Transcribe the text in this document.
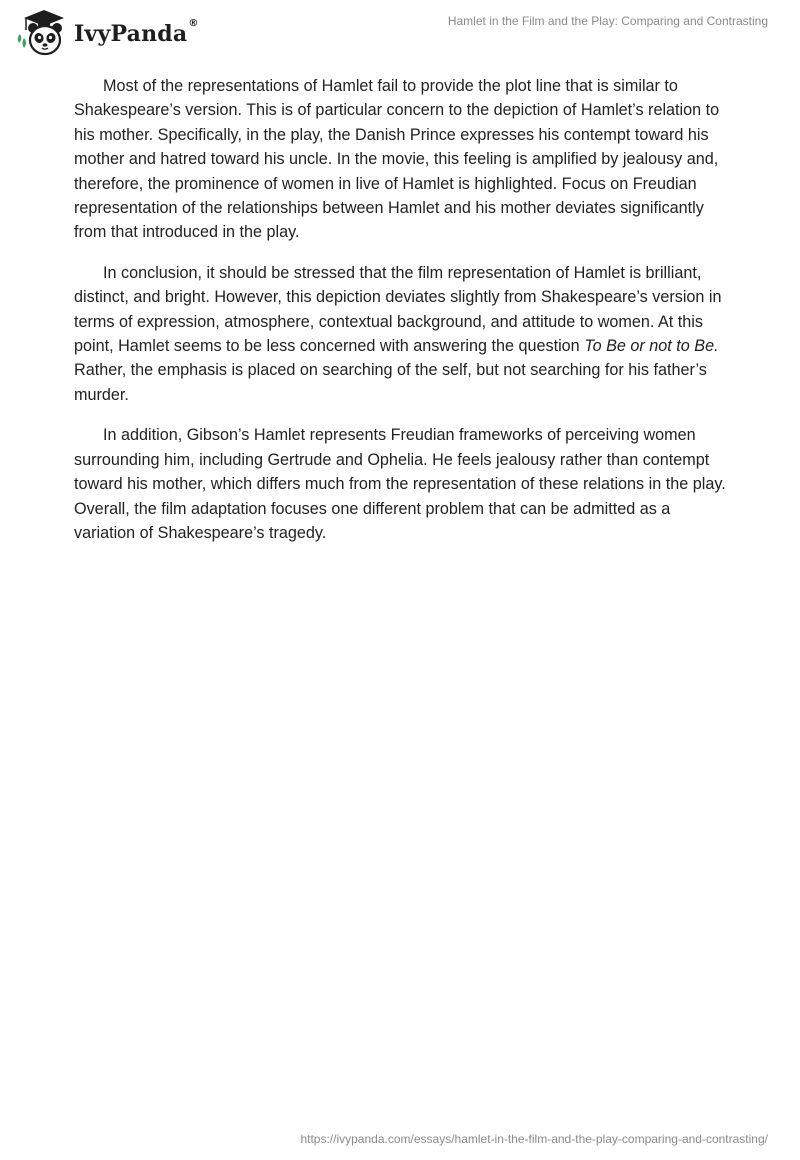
IvyPanda ®	Hamlet in the Film and the Play: Comparing and Contrasting

Most of the representations of Hamlet fail to provide the plot line that is similar to Shakespeare’s version. This is of particular concern to the depiction of Hamlet’s relation to his mother. Specifically, in the play, the Danish Prince expresses his contempt toward his mother and hatred toward his uncle. In the movie, this feeling is amplified by jealousy and, therefore, the prominence of women in live of Hamlet is highlighted. Focus on Freudian representation of the relationships between Hamlet and his mother deviates significantly from that introduced in the play.

In conclusion, it should be stressed that the film representation of Hamlet is brilliant, distinct, and bright. However, this depiction deviates slightly from Shakespeare’s version in terms of expression, atmosphere, contextual background, and attitude to women. At this point, Hamlet seems to be less concerned with answering the question To Be or not to Be. Rather, the emphasis is placed on searching of the self, but not searching for his father’s murder.

In addition, Gibson’s Hamlet represents Freudian frameworks of perceiving women surrounding him, including Gertrude and Ophelia. He feels jealousy rather than contempt toward his mother, which differs much from the representation of these relations in the play. Overall, the film adaptation focuses one different problem that can be admitted as a variation of Shakespeare’s tragedy.

https://ivypanda.com/essays/hamlet-in-the-film-and-the-play-comparing-and-contrasting/
